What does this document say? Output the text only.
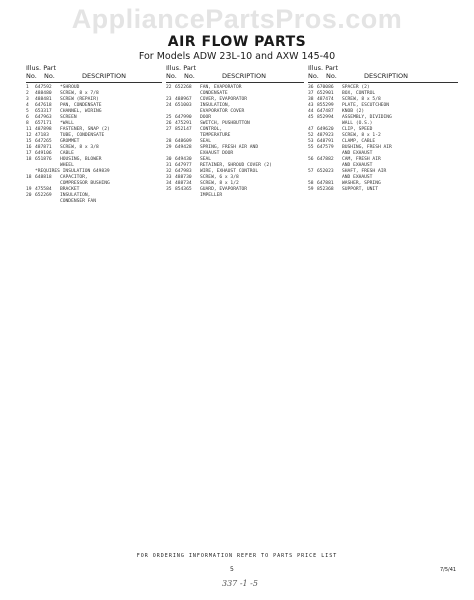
AppliancePartsPros.com
AIR FLOW PARTS
For Models ADW 23L-10 and AXW 145-40
Illus. Part
No. No.	DESCRIPTION
1	647592	*SHROUD
2	488480	SCREW, 8 x 7/8
3	488481	SCREW (REPAIR)
4	647618	PAN, CONDENSATE
5	653317	CHANNEL, WIRING
6	647963	SCREEN
8	657171	*WALL
11 487898	FASTENER, SNAP (2)
12 47183	TUBE, CONDENSATE
15 647265	GROMMET
16 487871	SCREW, 8 x 3/8
17 649106	CABLE
18 651876	HOUSING, BLOWER
WHEEL
*REQUIRES INSULATION 649839
18 648818	CAPACITOR,
COMPRESSOR BUSHING
19 475584	BRACKET
20 652269	INSULATION,
CONDENSER FAN
Illus. Part
No. No.	DESCRIPTION
22 652268	FAN, EVAPORATOR
CONDENSATE
23 488967	COVER, EVAPORATOR
24 651003	INSULATION,
EVAPORATOR COVER
25 647990	DOOR
26 475291	SWITCH, PUSHBUTTON
27 852147	CONTROL,
TEMPERATURE
28 648609	SEAL
29 649428	SPRING, FRESH AIR AND
EXHAUST DOOR
30 649430	SEAL
31 647977	RETAINER, SHROUD COVER (2)
32 647983	WIRE, EXHAUST CONTROL
33 488730	SCREW, 6 x 3/8
34 488734	SCREW, 8 x 1/2
35 854365	GUARD, EVAPORATOR
IMPELLER
Illus. Part
No. No.	DESCRIPTION
36 670086	SPACER (2)
37 652901	BOX, CONTROL
38 487474	SCREW, 8 x 5/8
43 855299	PLATE, ESCUTCHEON
44 647487	KNOB (2)
45 852994	ASSEMBLY, DIVIDING
WALL (O.S.)
47 649620	CLIP, SPEED
52 487923	SCREW, 8 x 1-2
53 648791	CLAMP, CABLE
55 647579	BUSHING, FRESH AIR
AND EXHAUST
56 647882	CAM, FRESH AIR
AND EXHAUST
57 652023	SHAFT, FRESH AIR
AND EXHAUST
58 647881	WASHER, SPRING
59 852368	SUPPORT, UNIT
FOR ORDERING INFORMATION REFER TO PARTS PRICE LIST
5	7/5/41
337 -1 -5
